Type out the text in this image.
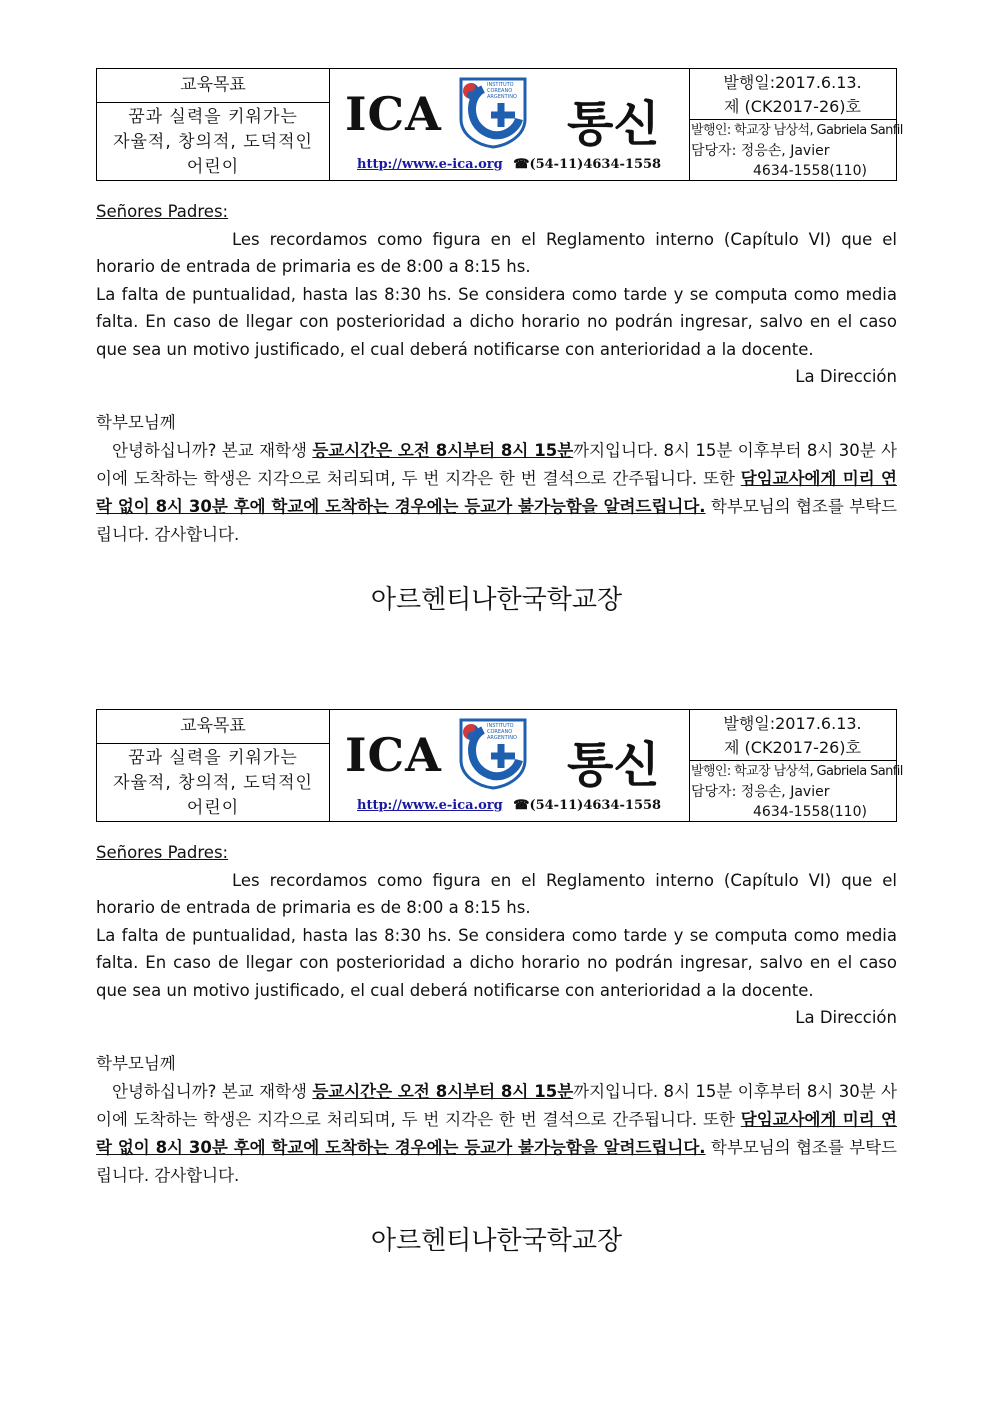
교육목표
꿈과 실력을 키워가는
자율적, 창의적, 도덕적인
어린이
ICA
INSTITUTO
COREANO
ARGENTINO 통신
http://www.e-ica.org ☎(54-11)4634-1558
발행일:2017.6.13.
제 (CK2017-26)호
발행인: 학교장 남상석, Gabriela Sanfil
담당자: 정응손, Javier
4634-1558(110)

Señores Padres:

Les recordamos como figura en el Reglamento interno (Capítulo VI) que el horario de entrada de primaria es de 8:00 a 8:15 hs.

La falta de puntualidad, hasta las 8:30 hs. Se considera como tarde y se computa como media falta. En caso de llegar con posterioridad a dicho horario no podrán ingresar, salvo en el caso que sea un motivo justificado, el cual deberá notificarse con anterioridad a la docente.

La Dirección

학부모님께

안녕하십니까? 본교 재학생 등교시간은 오전 8시부터 8시 15분까지입니다. 8시 15분 이후부터 8시 30분 사이에 도착하는 학생은 지각으로 처리되며, 두 번 지각은 한 번 결석으로 간주됩니다. 또한 담임교사에게 미리 연락 없이 8시 30분 후에 학교에 도착하는 경우에는 등교가 불가능함을 알려드립니다. 학부모님의 협조를 부탁드립니다. 감사합니다.

아르헨티나한국학교장
교육목표
꿈과 실력을 키워가는
자율적, 창의적, 도덕적인
어린이
ICA
INSTITUTO
COREANO
ARGENTINO 통신
http://www.e-ica.org ☎(54-11)4634-1558
발행일:2017.6.13.
제 (CK2017-26)호
발행인: 학교장 남상석, Gabriela Sanfil
담당자: 정응손, Javier
4634-1558(110)

Señores Padres:

Les recordamos como figura en el Reglamento interno (Capítulo VI) que el horario de entrada de primaria es de 8:00 a 8:15 hs.

La falta de puntualidad, hasta las 8:30 hs. Se considera como tarde y se computa como media falta. En caso de llegar con posterioridad a dicho horario no podrán ingresar, salvo en el caso que sea un motivo justificado, el cual deberá notificarse con anterioridad a la docente.

La Dirección

학부모님께

안녕하십니까? 본교 재학생 등교시간은 오전 8시부터 8시 15분까지입니다. 8시 15분 이후부터 8시 30분 사이에 도착하는 학생은 지각으로 처리되며, 두 번 지각은 한 번 결석으로 간주됩니다. 또한 담임교사에게 미리 연락 없이 8시 30분 후에 학교에 도착하는 경우에는 등교가 불가능함을 알려드립니다. 학부모님의 협조를 부탁드립니다. 감사합니다.

아르헨티나한국학교장
